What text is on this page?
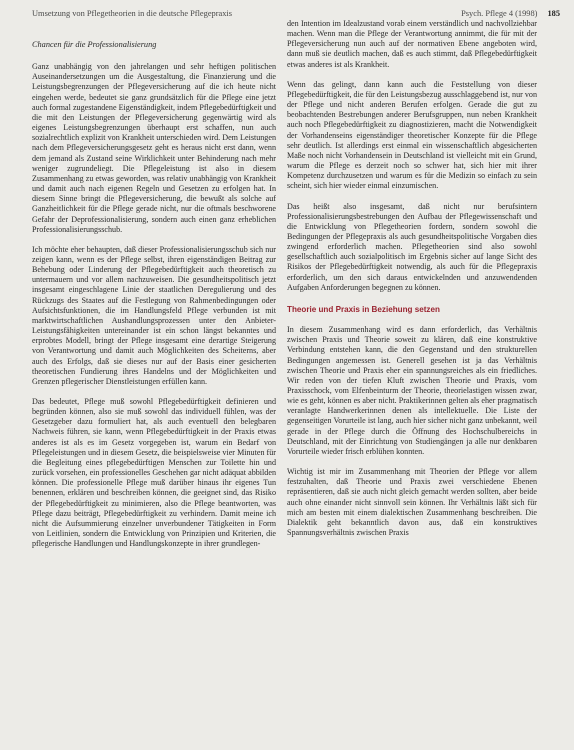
Umsetzung von Pflegetheorien in die deutsche Pflegepraxis	Psych. Pflege 4 (1998) 185
Chancen für die Professionalisierung

Ganz unabhängig von den jahrelangen und sehr heftigen politischen Auseinandersetzungen um die Ausgestaltung, die Finanzierung und die Leistungsbegrenzungen der Pflegeversicherung auf die ich heute nicht eingehen werde, bedeutet sie ganz grundsätzlich für die Pflege eine jetzt auch formal zugestandene Eigenständigkeit, indem Pflegebedürftigkeit und die mit den Leistungen der Pflegeversicherung gegenwärtig wird als eigenes Leistungsbegrenzungen überhaupt erst schaffen, nun auch sozialrechtlich explizit von Krankheit unterschieden wird. Dem Leistungen nach dem Pflegeversicherungsgesetz geht es heraus nicht erst dann, wenn dem jemand als Zustand seine Wirklichkeit unter Behinderung nach mehr weniger zugrundeliegt. Die Pflegeleistung ist also in diesem Zusammenhang zu etwas geworden, was relativ unabhängig von Krankheit und damit auch nach eigenen Regeln und Gesetzen zu erfolgen hat. In diesem Sinne bringt die Pflegeversicherung, die bewußt als solche auf Ganzheitlichkeit für die Pflege gerade nicht, nur die oftmals beschworene Gefahr der Deprofessionalisierung, sondern auch einen ganz erheblichen Professionalisierungsschub.

Ich möchte eher behaupten, daß dieser Professionalisierungsschub sich nur zeigen kann, wenn es der Pflege selbst, ihren eigenständigen Beitrag zur Behebung oder Linderung der Pflegebedürftigkeit auch theoretisch zu untermauern und vor allem nachzuweisen. Die gesundheitspolitisch jetzt insgesamt eingeschlagene Linie der staatlichen Deregulierung und des Rückzugs des Staates auf die Festlegung von Rahmenbedingungen oder Aufsichtsfunktionen, die im Handlungsfeld Pflege verbunden ist mit marktwirtschaftlichen Aushandlungsprozessen unter den Anbieter-Leistungsfähigkeiten untereinander ist ein schon längst bekanntes und erprobtes Modell, bringt der Pflege insgesamt eine derartige Steigerung von Verantwortung und damit auch Möglichkeiten des Scheiterns, aber auch des Erfolgs, daß sie dieses nur auf der Basis einer gesicherten theoretischen Fundierung ihres Handelns und der Möglichkeiten und Grenzen pflegerischer Dienstleistungen erfüllen kann.

Das bedeutet, Pflege muß sowohl Pflegebedürftigkeit definieren und begründen können, also sie muß sowohl das individuell fühlen, was der Gesetzgeber dazu formuliert hat, als auch eventuell den belegbaren Nachweis führen, sie kann, wenn Pflegebedürftigkeit in der Praxis etwas anderes ist als es im Gesetz vorgegeben ist, warum ein Bedarf von Pflegeleistungen und in diesem Gesetz, die beispielsweise vier Minuten für die Begleitung eines pflegebedürftigen Menschen zur Toilette hin und zurück vorsehen, ein professionelles Geschehen gar nicht adäquat abbilden können. Die professionelle Pflege muß darüber hinaus ihr eigenes Tun benennen, erklären und beschreiben können, die geeignet sind, das Risiko der Pflegebedürftigkeit zu minimieren, also die Pflege beantworten, was Pflege dazu beiträgt, Pflegebedürftigkeit zu verhindern. Damit meine ich nicht die Aufsummierung einzelner unverbundener Tätigkeiten in Form von Leitlinien, sondern die Entwicklung von Prinzipien und Kriterien, die pflegerische Handlungen und Handlungskonzepte in ihrer grundlegen-

den Intention im Idealzustand vorab einem verständlich und nachvollziehbar machen. Wenn man die Pflege der Verantwortung annimmt, die für mit der Pflegeversicherung nun auch auf der normativen Ebene angeboten wird, dann muß sie deutlich machen, daß es auch stimmt, daß Pflegebedürftigkeit etwas anderes ist als Krankheit.

Wenn das gelingt, dann kann auch die Feststellung von dieser Pflegebedürftigkeit, die für den Leistungsbezug ausschlaggebend ist, nur von der Pflege und nicht anderen Berufen erfolgen. Gerade die gut zu beobachtenden Bestrebungen anderer Berufsgruppen, nun neben Krankheit auch noch Pflegebedürftigkeit zu diagnostizieren, macht die Notwendigkeit der Vorhandenseins eigenständiger theoretischer Konzepte für die Pflege sehr deutlich. Ist allerdings erst einmal ein wissenschaftlich abgesicherten Maße noch nicht Vorhandensein in Deutschland ist vielleicht mit ein Grund, warum die Pflege es derzeit noch so schwer hat, sich hier mit ihrer Kompetenz durchzusetzen und warum es für die Medizin so einfach zu sein scheint, sich hier wieder einmal einzumischen.

Das heißt also insgesamt, daß nicht nur berufsintern Professionalisierungsbestrebungen den Aufbau der Pflegewissenschaft und die Entwicklung von Pflegetheorien fordern, sondern sowohl die Bedingungen der Pflegepraxis als auch gesundheitspolitische Vorgaben dies zwingend erforderlich machen. Pflegetheorien sind also sowohl gesellschaftlich auch sozialpolitisch im Ergebnis sicher auf lange Sicht des Risikos der Pflegebedürftigkeit notwendig, als auch für die Pflegepraxis erforderlich, um den sich daraus entwickelnden und anzuwendenden Aufgaben Anforderungen begegnen zu können.

Theorie und Praxis in Beziehung setzen

In diesem Zusammenhang wird es dann erforderlich, das Verhältnis zwischen Praxis und Theorie soweit zu klären, daß eine konstruktive Verbindung entstehen kann, die den Gegenstand und den strukturellen Bedingungen angemessen ist. Generell gesehen ist ja das Verhältnis zwischen Theorie und Praxis eher ein spannungsreiches als ein friedliches. Wir reden von der tiefen Kluft zwischen Theorie und Praxis, vom Praxisschock, vom Elfenbeinturm der Theorie, theorielastigen wissen zwar, wie es geht, können es aber nicht. Praktikerinnen gelten als eher pragmatisch veranlagte Handwerkerinnen denen als intellektuelle. Die Liste der gegenseitigen Vorurteile ist lang, auch hier sicher nicht ganz unbekannt, weil gerade in der Pflege durch die Öffnung des Hochschulbereichs in Deutschland, mit der Einrichtung von Studiengängen ja alle nur denkbaren Vorurteile wieder frisch erblühen konnten.

Wichtig ist mir im Zusammenhang mit Theorien der Pflege vor allem festzuhalten, daß Theorie und Praxis zwei verschiedene Ebenen repräsentieren, daß sie auch nicht gleich gemacht werden sollten, aber beide auch ohne einander nicht sinnvoll sein können. Ihr Verhältnis läßt sich für mich am besten mit einem dialektischen Zusammenhang beschreiben. Die Dialektik geht bekanntlich davon aus, daß ein konstruktives Spannungsverhältnis zwischen Praxis
